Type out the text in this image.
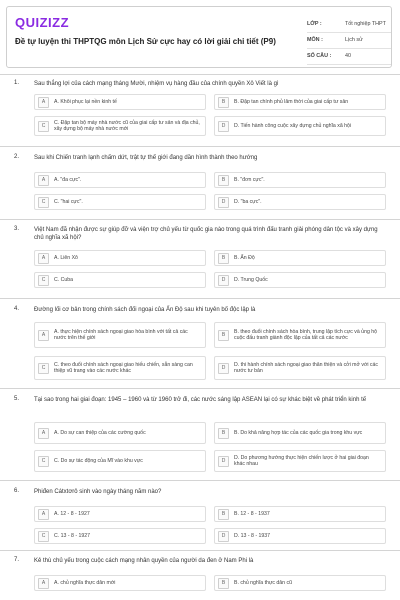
QUIZIZZ
Đề tự luyện thi THPTQG môn Lịch Sử cực hay có lời giải chi tiết (P9)
LỚP :	Tốt nghiệp THPT
MÔN :	Lịch sử
SỐ CÂU :	40
1. Sau thắng lợi của cách mạng tháng Mười, nhiệm vụ hàng đầu của chính quyền Xô Viết là gì
A	A. Khôi phục lại nền kinh tế	B	B. Đập tan chính phủ lâm thời của giai cấp tư sản
C	C. Đập tan bộ máy nhà nước cũ của giai cấp tư sản và địa chủ, xây dựng bộ máy nhà nước mới
D	D. Tiến hành công cuộc xây dựng chủ nghĩa xã hội
2. Sau khi Chiến tranh lạnh chấm dứt, trật tự thế giới đang dần hình thành theo hướng
A	A. "đa cực".	B	B. "đơn cực".
C	C. "hai cực".	D	D. "ba cực".
3. Việt Nam đã nhận được sự giúp đỡ và viện trợ chủ yếu từ quốc gia nào trong quá trình đấu tranh giải phóng dân tộc và xây dựng chủ nghĩa xã hội?
A	A. Liên Xô	B	B. Ấn Độ
C	C. Cuba	D	D. Trung Quốc
4. Đường lối cơ bản trong chính sách đối ngoại của Ấn Độ sau khi tuyên bố độc lập là
A	A. thực hiện chính sách ngoại giao hòa bình với tất cả các nước trên thế giới
B	B. theo đuổi chính sách hòa bình, trung lập tích cực và ủng hộ cuộc đấu tranh giành độc lập của tất cả các nước
C	C. theo đuổi chính sách ngoại giao hiếu chiến, sẵn sàng can thiệp vũ trang vào các nước khác
D	D. thi hành chính sách ngoại giao thân thiện và cởi mở với các nước tư bản
5. Tại sao trong hai giai đoạn: 1945 – 1960 và từ 1960 trở đi, các nước sáng lập ASEAN lại có sự khác biệt về phát triển kinh tế
A	A. Do sự can thiệp của các cường quốc	B	B. Do khả năng hợp tác của các quốc gia trong khu vực
C	C. Do sự tác động của Mĩ vào khu vực	D	D. Do phương hướng thực hiện chiến lược ở hai giai đoạn khác nhau
6. Phiđen Cátxtơrô sinh vào ngày tháng năm nào?
A	A. 12 - 8 - 1927	B	B. 12 - 8 - 1937
C	C. 13 - 8 - 1927	D	D. 13 - 8 - 1937
7. Kẻ thù chủ yếu trong cuộc cách mạng nhân quyền của người da đen ở Nam Phi là
A	A. chủ nghĩa thực dân mới	B	B. chủ nghĩa thực dân cũ
